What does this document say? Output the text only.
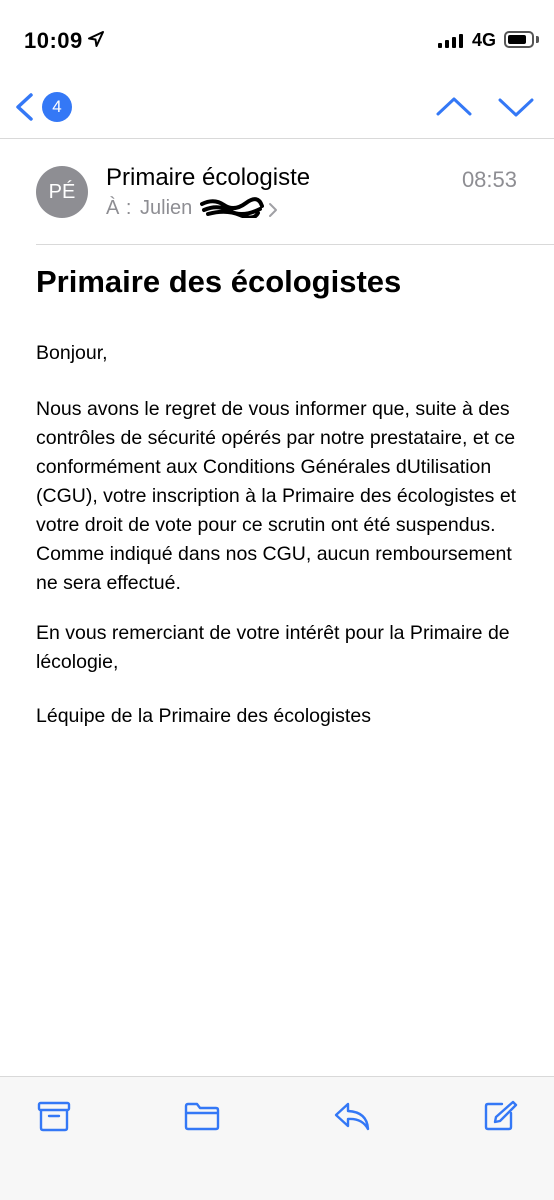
10:09	4G
4
PÉ
Primaire écologiste	08:53
À : Julien
Primaire des écologistes

Bonjour,

Nous avons le regret de vous informer que, suite à des contrôles de sécurité opérés par notre prestataire, et ce conformément aux Conditions Générales dUtilisation (CGU), votre inscription à la Primaire des écologistes et votre droit de vote pour ce scrutin ont été suspendus. Comme indiqué dans nos CGU, aucun remboursement ne sera effectué.

En vous remerciant de votre intérêt pour la Primaire de lécologie,

Léquipe de la Primaire des écologistes
